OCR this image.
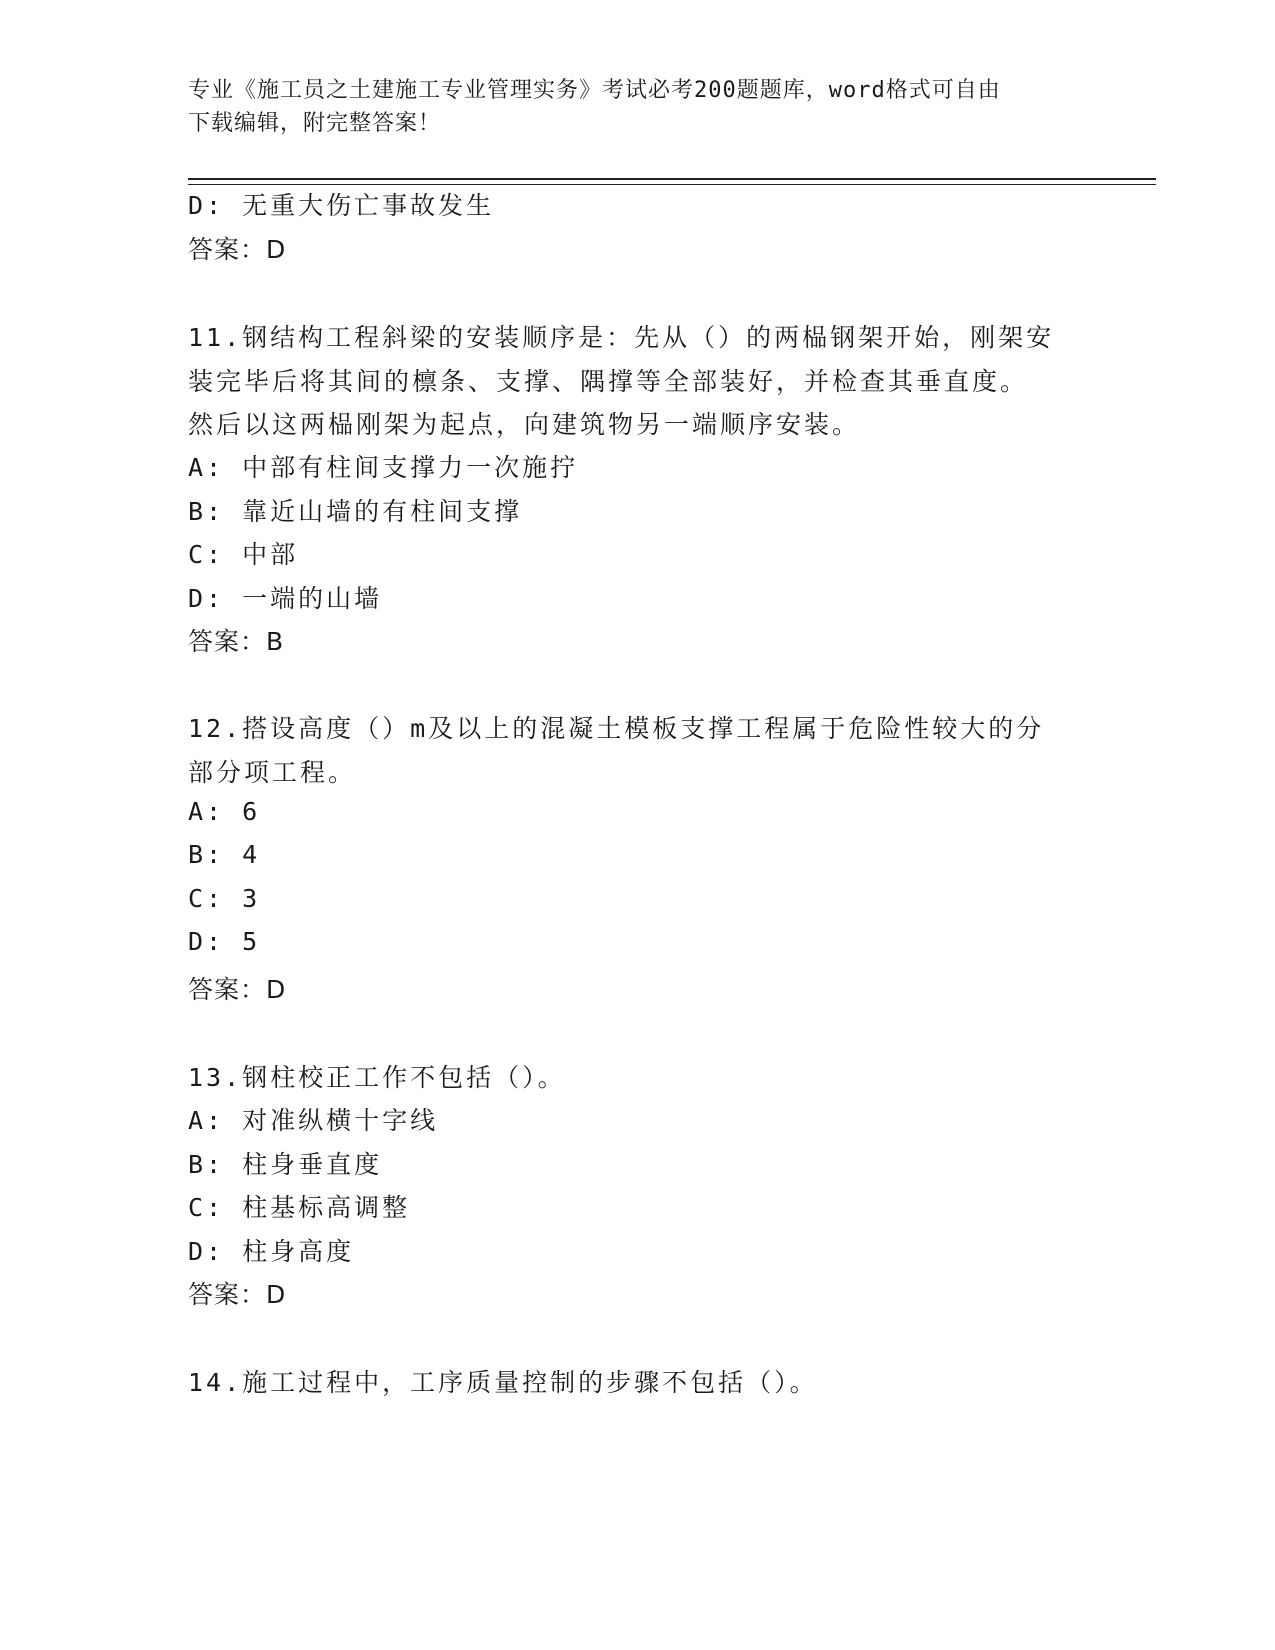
专业《施工员之土建施工专业管理实务》考试必考200题题库，word格式可自由
下载编辑，附完整答案！
D: 无重大伤亡事故发生
答案：D
11.钢结构工程斜梁的安装顺序是：先从（）的两榀钢架开始，刚架安
装完毕后将其间的檩条、支撑、隅撑等全部装好，并检查其垂直度。
然后以这两榀刚架为起点，向建筑物另一端顺序安装。
A: 中部有柱间支撑力一次施拧
B: 靠近山墙的有柱间支撑
C: 中部
D: 一端的山墙
答案：B
12.搭设高度（）m及以上的混凝土模板支撑工程属于危险性较大的分
部分项工程。
A: 6
B: 4
C: 3
D: 5
答案：D
13.钢柱校正工作不包括（）。
A: 对准纵横十字线
B: 柱身垂直度
C: 柱基标高调整
D: 柱身高度
答案：D
14.施工过程中，工序质量控制的步骤不包括（）。
